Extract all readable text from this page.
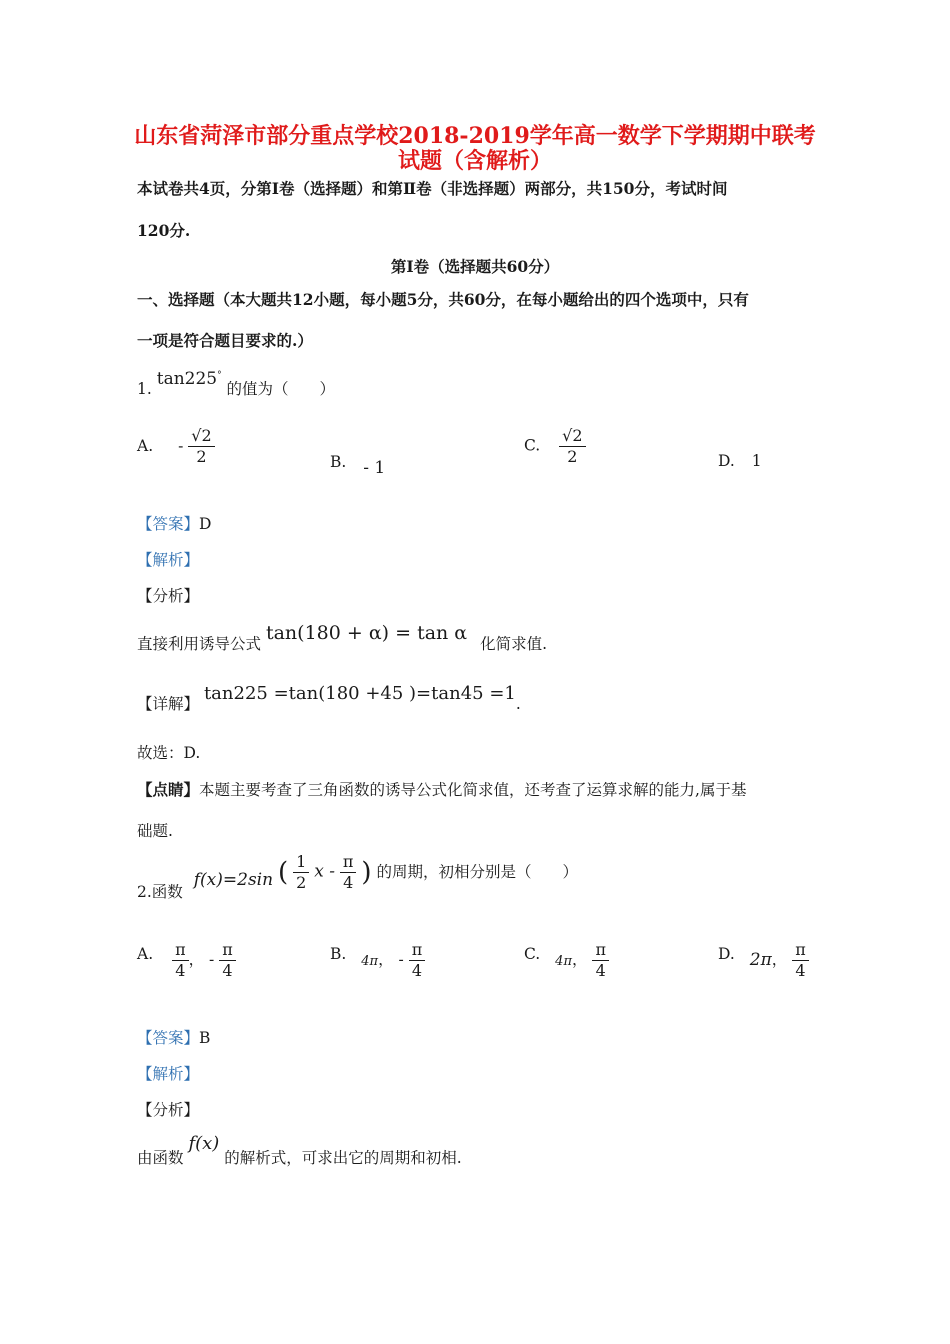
山东省菏泽市部分重点学校2018-2019学年高一数学下学期期中联考
试题（含解析）
本试卷共4页，分第Ⅰ卷（选择题）和第Ⅱ卷（非选择题）两部分，共150分，考试时间
120分.
第Ⅰ卷（选择题共60分）
一、选择题（本大题共12小题，每小题5分，共60分，在每小题给出的四个选项中，只有
一项是符合题目要求的.）
1. tan225° 的值为（　　）
A. - $\frac{√2}{2}$	B. - 1
C. $\frac{√2}{2}$	D. 1
【答案】D
【解析】
【分析】
直接利用诱导公式 tan(180 + α) = tan α 化简求值.
【详解】 tan225 =tan(180 +45 )=tan45 =1.
故选：D.
【点睛】本题主要考查了三角函数的诱导公式化简求值，还考查了运算求解的能力,属于基
础题.
2.函数 f(x)=2sin ( $\frac{1}{2}$ x - $\frac{\pi}{4}$ ) 的周期，初相分别是（　　）
A. $\frac{\pi}{4}$ ， - $\frac{\pi}{4}$	B. 4π， - $\frac{\pi}{4}$	C. 4π， $\frac{\pi}{4}$	D. 2π， $\frac{\pi}{4}$
【答案】B
【解析】
【分析】
由函数 f(x) 的解析式，可求出它的周期和初相.
